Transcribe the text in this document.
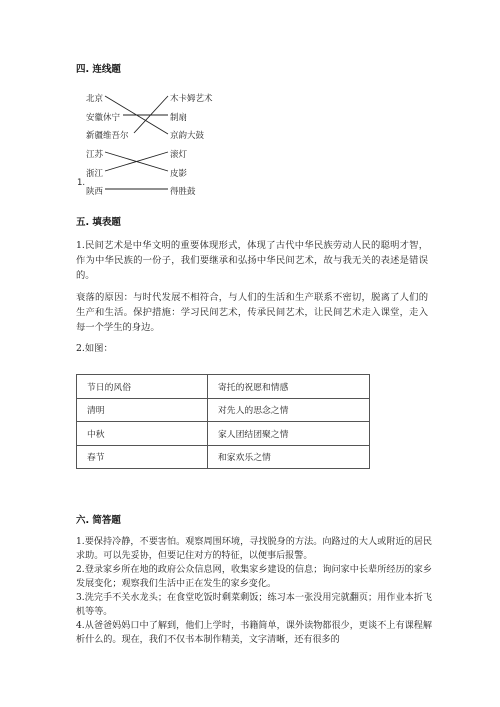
四. 连线题
北京
安徽休宁
新疆维吾尔
江苏
浙江
陕西
木卡姆艺术
制扇
京韵大鼓
滚灯
皮影
得胜鼓
1.
五. 填表题

1.民间艺术是中华文明的重要体现形式，体现了古代中华民族劳动人民的聪明才智，作为中华民族的一份子，我们要继承和弘扬中华民间艺术，故与我无关的表述是错误的。

衰落的原因：与时代发展不相符合，与人们的生活和生产联系不密切，脱离了人们的生产和生活。保护措施：学习民间艺术，传承民间艺术，让民间艺术走入课堂，走入每一个学生的身边。

2.如图：

节日的风俗	寄托的祝愿和情感
清明	对先人的思念之情
中秋	家人团结团聚之情
春节	和家欢乐之情
六. 简答题

1.要保持冷静，不要害怕。观察周围环境，寻找脱身的方法。向路过的大人或附近的居民求助。可以先妥协，但要记住对方的特征，以便事后报警。

2.登录家乡所在地的政府公众信息网，收集家乡建设的信息；询问家中长辈所经历的家乡发展变化；观察我们生活中正在发生的家乡变化。

3.洗完手不关水龙头；在食堂吃饭时剩菜剩饭；练习本一张没用完就翻页；用作业本折飞机等等。

4.从爸爸妈妈口中了解到，他们上学时，书籍简单，课外读物都很少，更谈不上有课程解析什么的。现在，我们不仅书本制作精美，文字清晰，还有很多的
